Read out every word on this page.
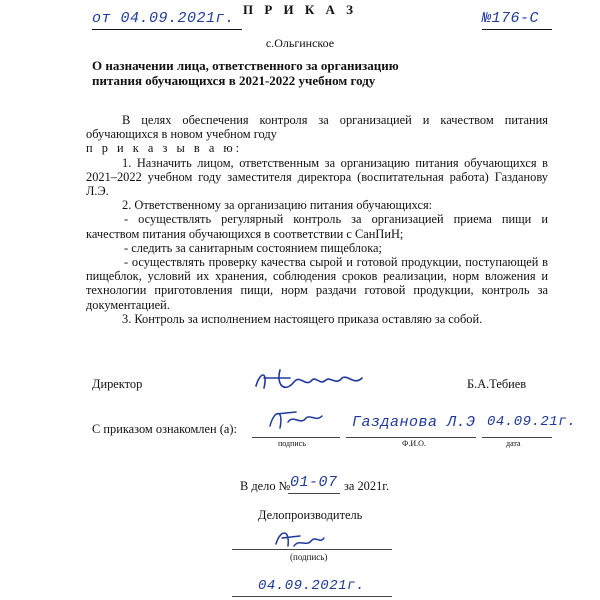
П Р И К А З
от 04.09.2021г.	№176-С
с.Ольгинское
О назначении лица, ответственного за организацию
питания обучающихся в 2021-2022 учебном году

В целях обеспечения контроля за организацией и качеством питания обучающихся в новом учебном году

п р и к а з ы в а ю:

1. Назначить лицом, ответственным за организацию питания обучающихся в 2021–2022 учебном году заместителя директора (воспитательная работа) Газданову Л.Э.

2. Ответственному за организацию питания обучающихся:

- осуществлять регулярный контроль за организацией приема пищи и качеством питания обучающихся в соответствии с СанПиН;

- следить за санитарным состоянием пищеблока;

- осуществлять проверку качества сырой и готовой продукции, поступающей в пищеблок, условий их хранения, соблюдения сроков реализации, норм вложения и технологии приготовления пищи, норм раздачи готовой продукции, контроль за документацией.

3. Контроль за исполнением настоящего приказа оставляю за собой.

Директор	Б.А.Тебиев
С приказом ознакомлен (а):
подпись
Газданова Л.Э
Ф.И.О.
04.09.21г.
дата
В дело № 01-07 за 2021г.
Делопроизводитель
(подпись)
04.09.2021г.
